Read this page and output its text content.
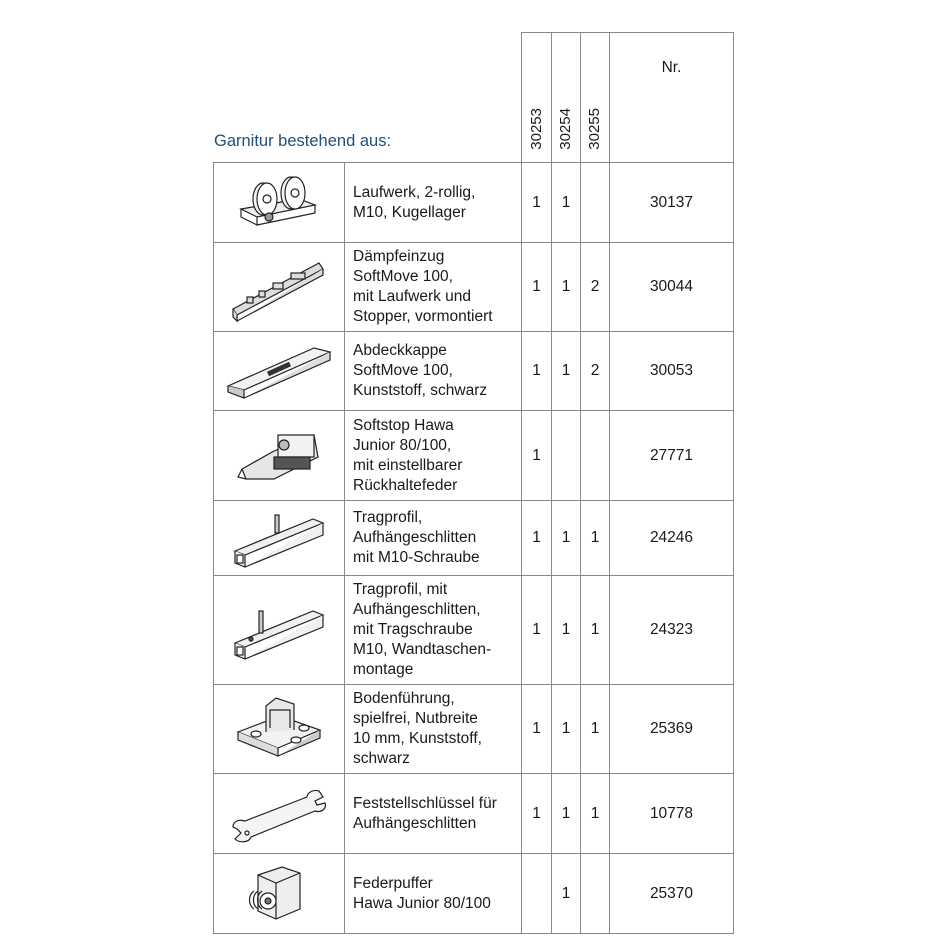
Garnitur bestehend aus:
			30253	30254	30255	Nr.

Laufwerk, 2-rollig,
M10, Kugellager	1	1		30137

Dämpfeinzug
SoftMove 100,
mit Laufwerk und
Stopper, vormontiert	1	1	2	30044

Abdeckkappe
SoftMove 100,
Kunststoff, schwarz	1	1	2	30053

Softstop Hawa
Junior 80/100,
mit einstellbarer
Rückhaltefeder	1			27771

Tragprofil,
Aufhängeschlitten
mit M10-Schraube	1	1	1	24246

Tragprofil, mit
Aufhängeschlitten,
mit Tragschraube
M10, Wandtaschen-
montage	1	1	1	24323

Bodenführung,
spielfrei, Nutbreite
10 mm, Kunststoff,
schwarz	1	1	1	25369

Feststellschlüssel für
Aufhängeschlitten	1	1	1	10778

Federpuffer
Hawa Junior 80/100		1		25370
